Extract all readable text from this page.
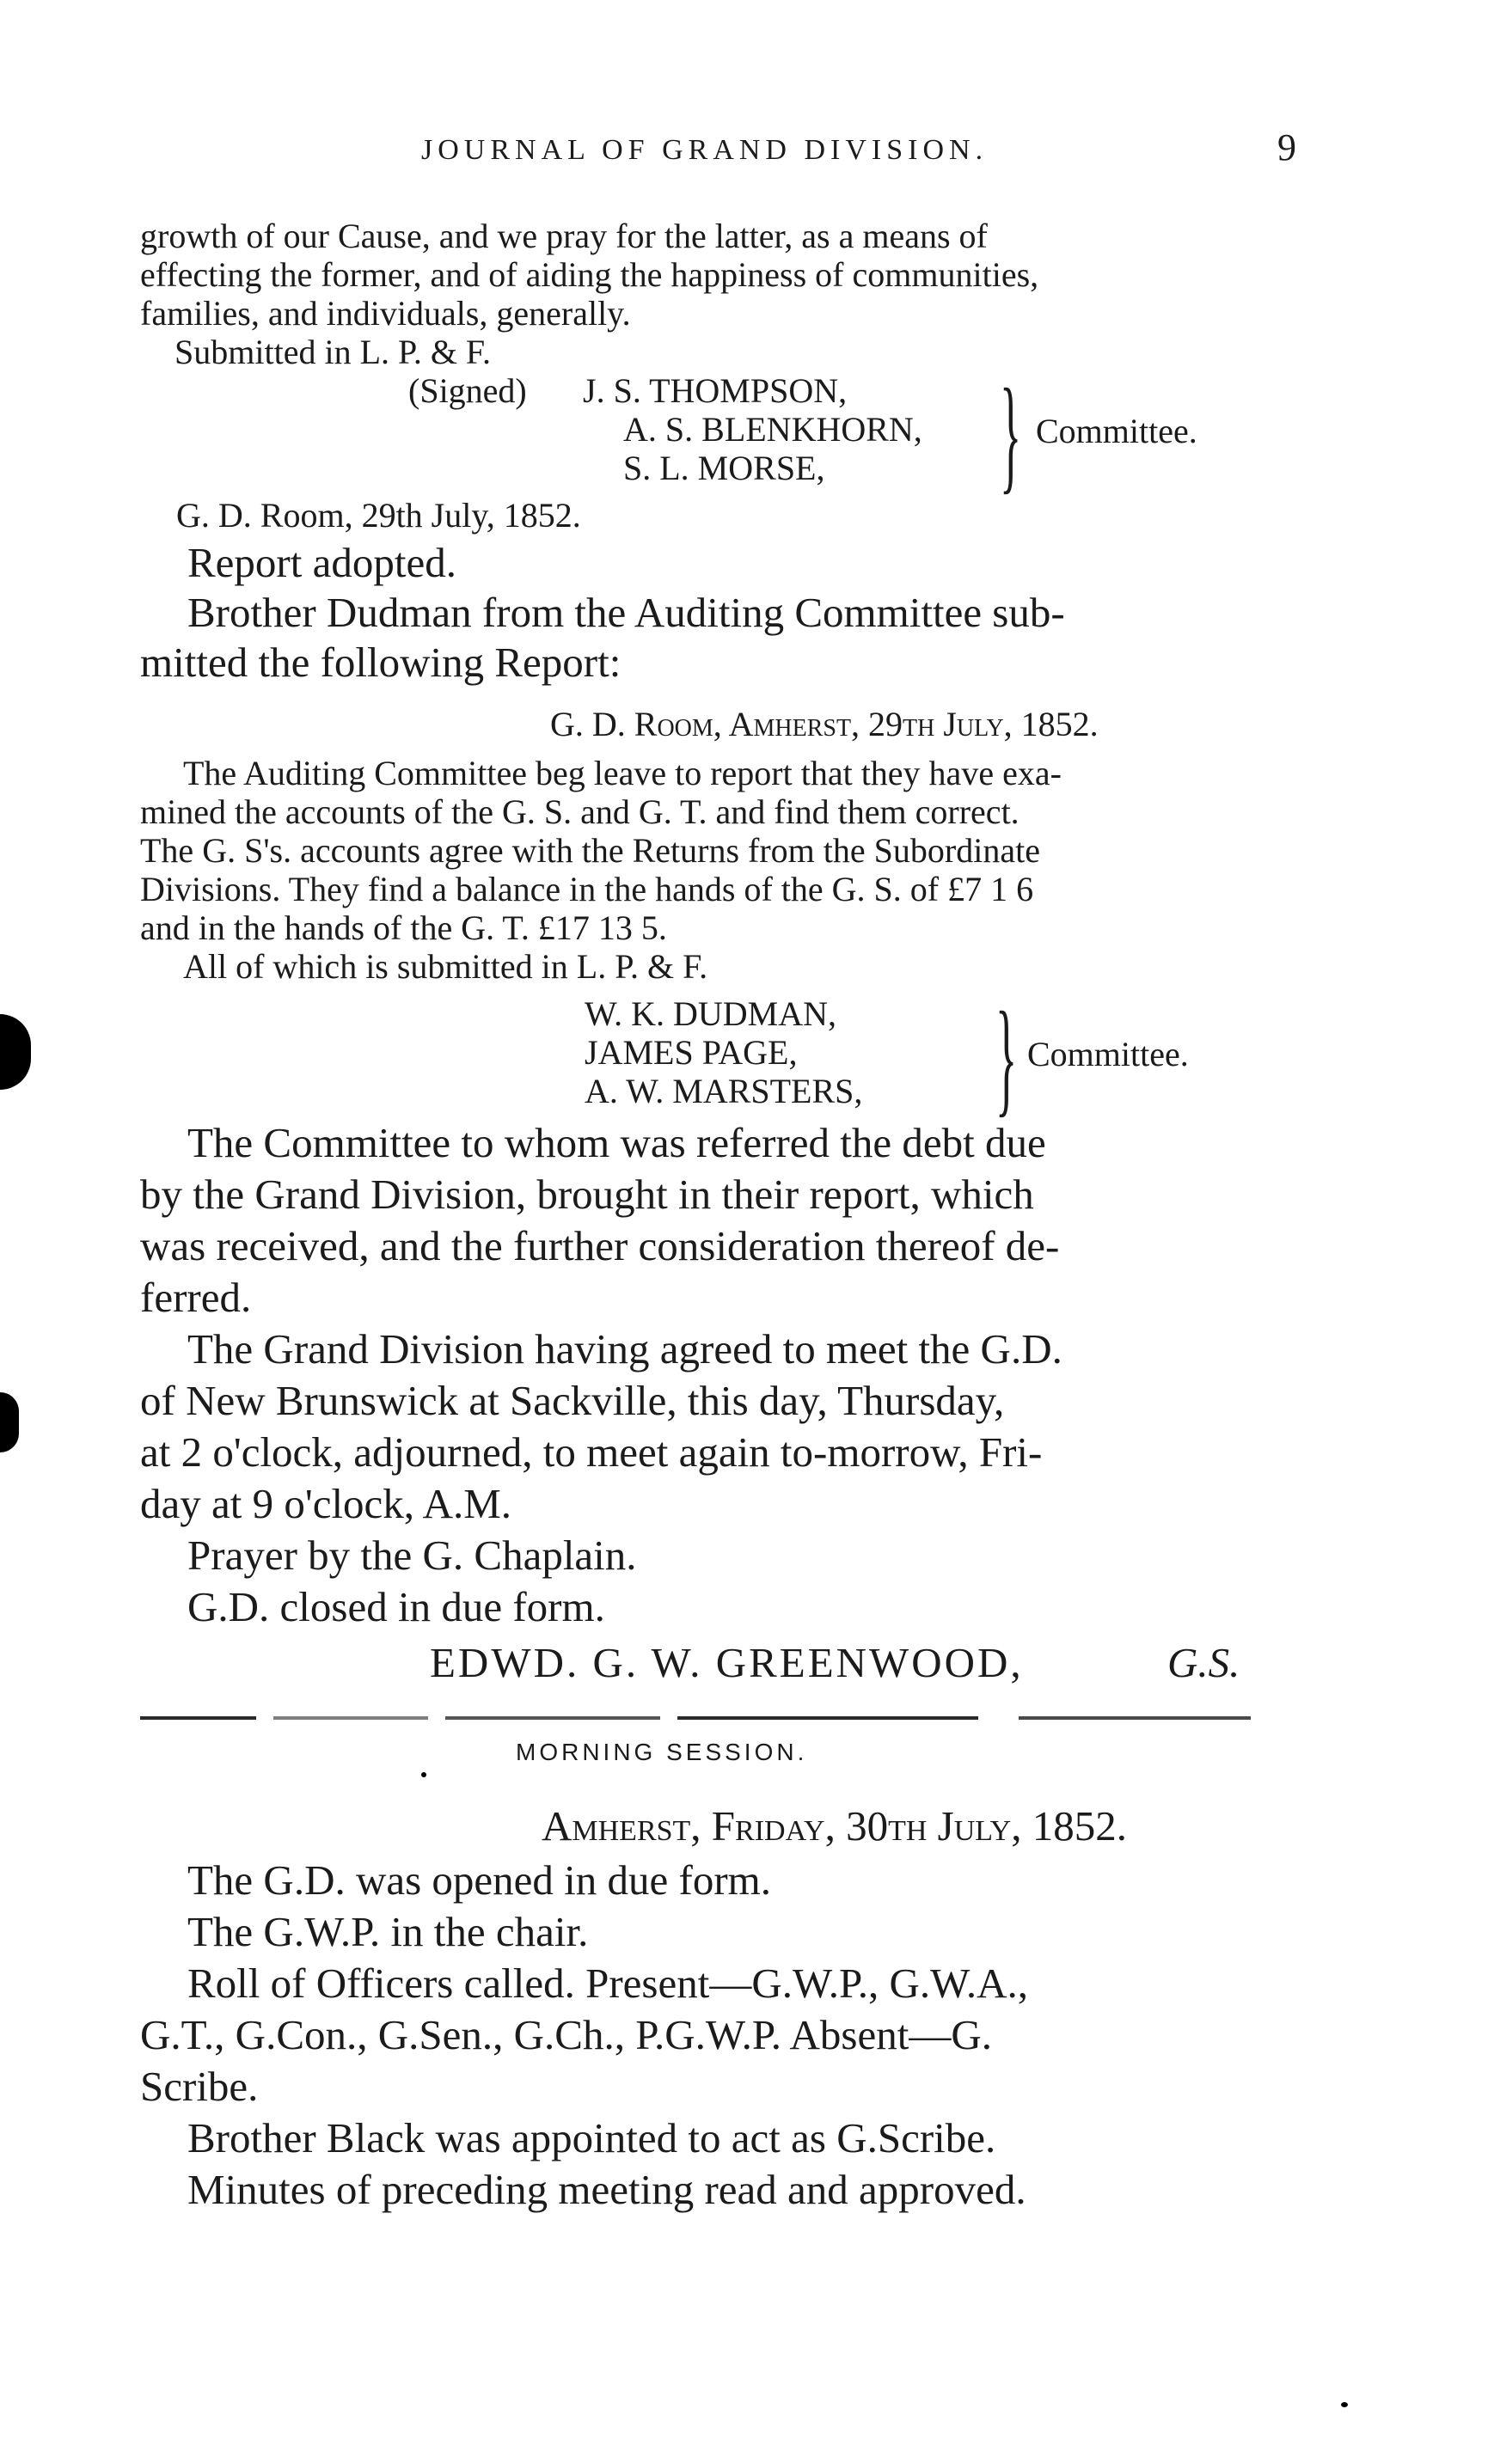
JOURNAL OF GRAND DIVISION.	9
growth of our Cause, and we pray for the latter, as a means of
effecting the former, and of aiding the happiness of communities,
families, and individuals, generally.
Submitted in L. P. & F.
(Signed) J. S. THOMPSON,
A. S. BLENKHORN,
S. L. MORSE, } Committee.
G. D. Room, 29th July, 1852.
Report adopted.
Brother Dudman from the Auditing Committee sub-
mitted the following Report:
G. D. Room, Amherst, 29th July, 1852.
The Auditing Committee beg leave to report that they have exa-
mined the accounts of the G. S. and G. T. and find them correct.
The G. S's. accounts agree with the Returns from the Subordinate
Divisions. They find a balance in the hands of the G. S. of £7 1 6
and in the hands of the G. T. £17 13 5.
All of which is submitted in L. P. & F.
W. K. DUDMAN,
JAMES PAGE,
A. W. MARSTERS, } Committee.
The Committee to whom was referred the debt due
by the Grand Division, brought in their report, which
was received, and the further consideration thereof de-
ferred.
The Grand Division having agreed to meet the G.D.
of New Brunswick at Sackville, this day, Thursday,
at 2 o'clock, adjourned, to meet again to-morrow, Fri-
day at 9 o'clock, A.M.
Prayer by the G. Chaplain.
G.D. closed in due form.
EDWD. G. W. GREENWOOD,	G.S.
MORNING SESSION.
Amherst, Friday, 30th July, 1852.
The G.D. was opened in due form.
The G.W.P. in the chair.
Roll of Officers called. Present—G.W.P., G.W.A.,
G.T., G.Con., G.Sen., G.Ch., P.G.W.P. Absent—G.
Scribe.
Brother Black was appointed to act as G.Scribe.
Minutes of preceding meeting read and approved.
